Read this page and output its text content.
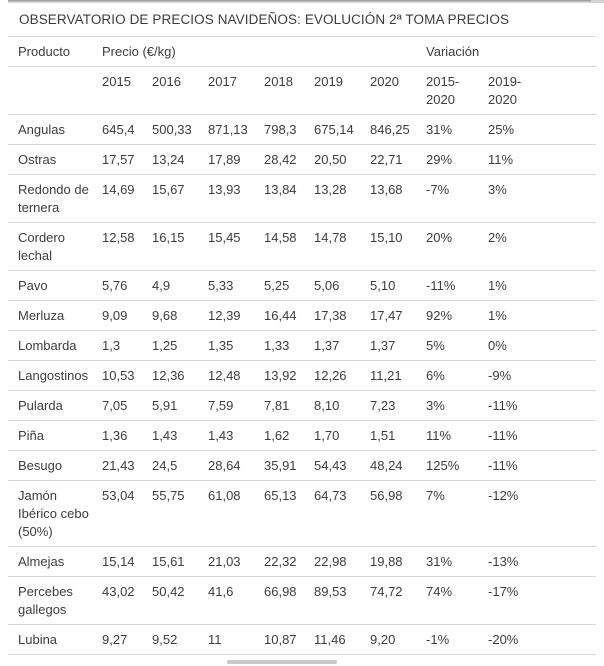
OBSERVATORIO DE PRECIOS NAVIDEÑOS: EVOLUCIÓN 2ª TOMA PRECIOS
Producto	Precio (€/kg)						Variación		
	2015	2016	2017	2018	2019	2020	2015-2020	2019-2020	
Angulas	645,4	500,33	871,13	798,3	675,14	846,25	31%	25%	
Ostras	17,57	13,24	17,89	28,42	20,50	22,71	29%	11%	
Redondo de ternera	14,69	15,67	13,93	13,84	13,28	13,68	-7%	3%	
Cordero lechal	12,58	16,15	15,45	14,58	14,78	15,10	20%	2%	
Pavo	5,76	4,9	5,33	5,25	5,06	5,10	-11%	1%	
Merluza	9,09	9,68	12,39	16,44	17,38	17,47	92%	1%	
Lombarda	1,3	1,25	1,35	1,33	1,37	1,37	5%	0%	
Langostinos	10,53	12,36	12,48	13,92	12,26	11,21	6%	-9%	
Pularda	7,05	5,91	7,59	7,81	8,10	7,23	3%	-11%	
Piña	1,36	1,43	1,43	1,62	1,70	1,51	11%	-11%	
Besugo	21,43	24,5	28,64	35,91	54,43	48,24	125%	-11%	
Jamón Ibérico cebo (50%)	53,04	55,75	61,08	65,13	64,73	56,98	7%	-12%	
Almejas	15,14	15,61	21,03	22,32	22,98	19,88	31%	-13%	
Percebes gallegos	43,02	50,42	41,6	66,98	89,53	74,72	74%	-17%	
Lubina	9,27	9,52	11	10,87	11,46	9,20	-1%	-20%	
